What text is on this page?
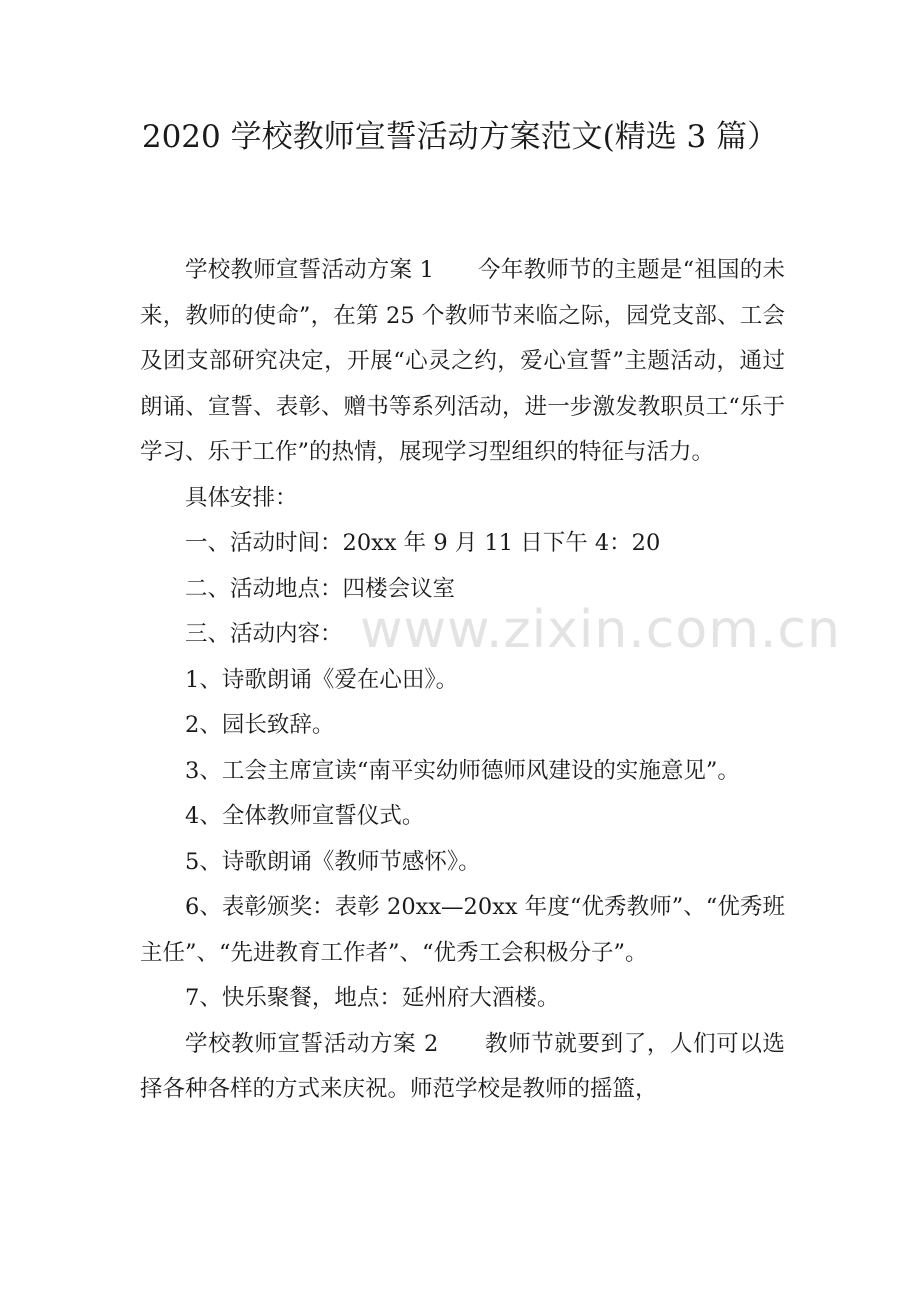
www.zixin.com.cn
2020 学校教师宣誓活动方案范文(精选 3 篇）

学校教师宣誓活动方案 1      今年教师节的主题是“祖国的未来，教师的使命”，在第 25 个教师节来临之际，园党支部、工会及团支部研究决定，开展“心灵之约，爱心宣誓”主题活动，通过朗诵、宣誓、表彰、赠书等系列活动，进一步激发教职员工“乐于学习、乐于工作”的热情，展现学习型组织的特征与活力。

具体安排：

一、活动时间：20xx 年 9 月 11 日下午 4：20

二、活动地点：四楼会议室

三、活动内容：

1、诗歌朗诵《爱在心田》。

2、园长致辞。

3、工会主席宣读“南平实幼师德师风建设的实施意见”。

4、全体教师宣誓仪式。

5、诗歌朗诵《教师节感怀》。

6、表彰颁奖：表彰 20xx—20xx 年度“优秀教师”、“优秀班主任”、“先进教育工作者”、“优秀工会积极分子”。

7、快乐聚餐，地点：延州府大酒楼。

学校教师宣誓活动方案 2      教师节就要到了，人们可以选择各种各样的方式来庆祝。师范学校是教师的摇篮，
